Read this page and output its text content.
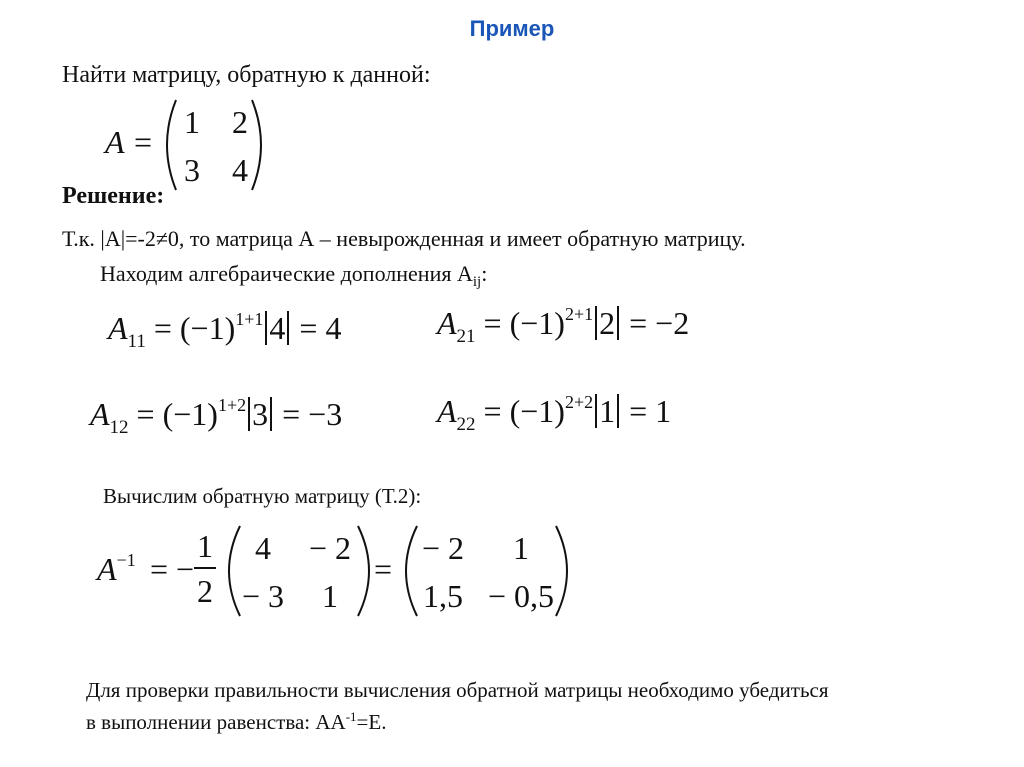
Пример
Найти матрицу, обратную к данной:
A =
1 2
3 4
Решение:
Т.к. |A|=-2≠0, то матрица А – невырожденная и имеет обратную матрицу.
Находим алгебраические дополнения $A_{ij}$:
$A_{11} = (-1)^{1+1}$ 4 = 4	$A_{21} = (-1)^{2+1}$ 2 = −2
$A_{12} = (-1)^{1+2}$ 3 = −3	$A_{22} = (-1)^{2+2}$ 1 = 1
Вычислим обратную матрицу (Т.2):
$A^{-1}$ = −
1
2
4 − 2
− 3 1
=
− 2 1
1,5 − 0,5
Для проверки правильности вычисления обратной матрицы необходимо убедиться
в выполнении равенства: $АА^{-1}=Е$.
